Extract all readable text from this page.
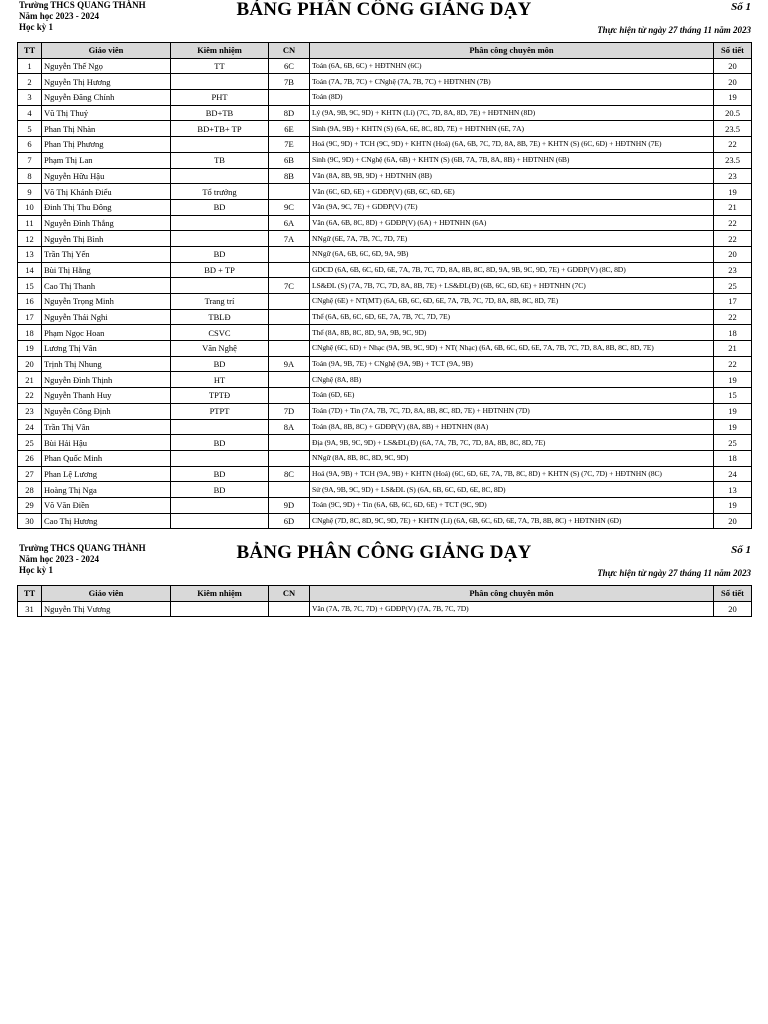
Trường THCS QUANG THÀNH
Năm học 2023 - 2024
Học kỳ 1
BẢNG PHÂN CÔNG GIẢNG DẠY	Số 1
Thực hiện từ ngày 27 tháng 11 năm 2023
TT	Giáo viên	Kiêm nhiệm	CN	Phân công chuyên môn	Số tiết
1	Nguyễn Thế Ngọ	TT	6C	Toán (6A, 6B, 6C) + HĐTNHN (6C)	20
2	Nguyễn Thị Hương		7B	Toán (7A, 7B, 7C) + CNghệ (7A, 7B, 7C) + HĐTNHN (7B)	20
3	Nguyễn Đăng Chính	PHT		Toán (8D)	19
4	Vũ Thị Thuỷ	BD+TB	8D	Lý (9A, 9B, 9C, 9D) + KHTN (Lí) (7C, 7D, 8A, 8D, 7E) + HĐTNHN (8D)	20.5
5	Phan Thị Nhàn	BD+TB+ TP	6E	Sinh (9A, 9B) + KHTN (S) (6A, 6E, 8C, 8D, 7E) + HĐTNHN (6E, 7A)	23.5
6	Phan Thị Phương		7E	Hoá (9C, 9D) + TCH (9C, 9D) + KHTN (Hoá) (6A, 6B, 7C, 7D, 8A, 8B, 7E) + KHTN (S) (6C, 6D) + HĐTNHN (7E)	22
7	Phạm Thị Lan	TB	6B	Sinh (9C, 9D) + CNghệ (6A, 6B) + KHTN (S) (6B, 7A, 7B, 8A, 8B) + HĐTNHN (6B)	23.5
8	Nguyễn Hữu Hậu		8B	Văn (8A, 8B, 9B, 9D) + HĐTNHN (8B)	23
9	Võ Thị Khánh Điểu	Tổ trưởng		Văn (6C, 6D, 6E) + GDĐP(V) (6B, 6C, 6D, 6E)	19
10	Đinh Thị Thu Đông	BD	9C	Văn (9A, 9C, 7E) + GDĐP(V) (7E)	21
11	Nguyễn Đình Thắng		6A	Văn (6A, 6B, 8C, 8D) + GDĐP(V) (6A) + HĐTNHN (6A)	22
12	Nguyễn Thị Bình		7A	NNgữ (6E, 7A, 7B, 7C, 7D, 7E)	22
13	Trần Thị Yến	BD		NNgữ (6A, 6B, 6C, 6D, 9A, 9B)	20
14	Bùi Thị Hằng	BD + TP		GDCD (6A, 6B, 6C, 6D, 6E, 7A, 7B, 7C, 7D, 8A, 8B, 8C, 8D, 9A, 9B, 9C, 9D, 7E) + GDĐP(V) (8C, 8D)	23
15	Cao Thị Thanh		7C	LS&ĐL (S) (7A, 7B, 7C, 7D, 8A, 8B, 7E) + LS&ĐL(Đ) (6B, 6C, 6D, 6E) + HĐTNHN (7C)	25
16	Nguyễn Trọng Minh	Trang trí		CNghệ (6E) + NT(MT) (6A, 6B, 6C, 6D, 6E, 7A, 7B, 7C, 7D, 8A, 8B, 8C, 8D, 7E)	17
17	Nguyễn Thái Nghi	TBLĐ		Thể (6A, 6B, 6C, 6D, 6E, 7A, 7B, 7C, 7D, 7E)	22
18	Phạm Ngọc Hoan	CSVC		Thể (8A, 8B, 8C, 8D, 9A, 9B, 9C, 9D)	18
19	Lương Thị Vân	Văn Nghệ		CNghệ (6C, 6D) + Nhạc (9A, 9B, 9C, 9D) + NT( Nhạc) (6A, 6B, 6C, 6D, 6E, 7A, 7B, 7C, 7D, 8A, 8B, 8C, 8D, 7E)	21
20	Trịnh Thị Nhung	BD	9A	Toán (9A, 9B, 7E) + CNghệ (9A, 9B) + TCT (9A, 9B)	22
21	Nguyễn Đình Thịnh	HT		CNghệ (8A, 8B)	19
22	Nguyễn Thanh Huy	TPTĐ		Toán (6D, 6E)	15
23	Nguyễn Công Định	PTPT	7D	Toán (7D) + Tin (7A, 7B, 7C, 7D, 8A, 8B, 8C, 8D, 7E) + HĐTNHN (7D)	19
24	Trần Thị Vân		8A	Toán (8A, 8B, 8C) + GDĐP(V) (8A, 8B) + HĐTNHN (8A)	19
25	Bùi Hải Hậu	BD		Địa (9A, 9B, 9C, 9D) + LS&ĐL(Đ) (6A, 7A, 7B, 7C, 7D, 8A, 8B, 8C, 8D, 7E)	25
26	Phan Quốc Minh			NNgữ (8A, 8B, 8C, 8D, 9C, 9D)	18
27	Phan Lệ Lương	BD	8C	Hoá (9A, 9B) + TCH (9A, 9B) + KHTN (Hoá) (6C, 6D, 6E, 7A, 7B, 8C, 8D) + KHTN (S) (7C, 7D) + HĐTNHN (8C)	24
28	Hoàng Thị Nga	BD		Sử (9A, 9B, 9C, 9D) + LS&ĐL (S) (6A, 6B, 6C, 6D, 6E, 8C, 8D)	13
29	Võ Văn Điền		9D	Toán (9C, 9D) + Tin (6A, 6B, 6C, 6D, 6E) + TCT (9C, 9D)	19
30	Cao Thị Hương		6D	CNghệ (7D, 8C, 8D, 9C, 9D, 7E) + KHTN (Lí) (6A, 6B, 6C, 6D, 6E, 7A, 7B, 8B, 8C) + HĐTNHN (6D)	20
Trường THCS QUANG THÀNH
Năm học 2023 - 2024
Học kỳ 1
BẢNG PHÂN CÔNG GIẢNG DẠY	Số 1
Thực hiện từ ngày 27 tháng 11 năm 2023
TT	Giáo viên	Kiêm nhiệm	CN	Phân công chuyên môn	Số tiết
31	Nguyễn Thị Vương			Văn (7A, 7B, 7C, 7D) + GDĐP(V) (7A, 7B, 7C, 7D)	20
